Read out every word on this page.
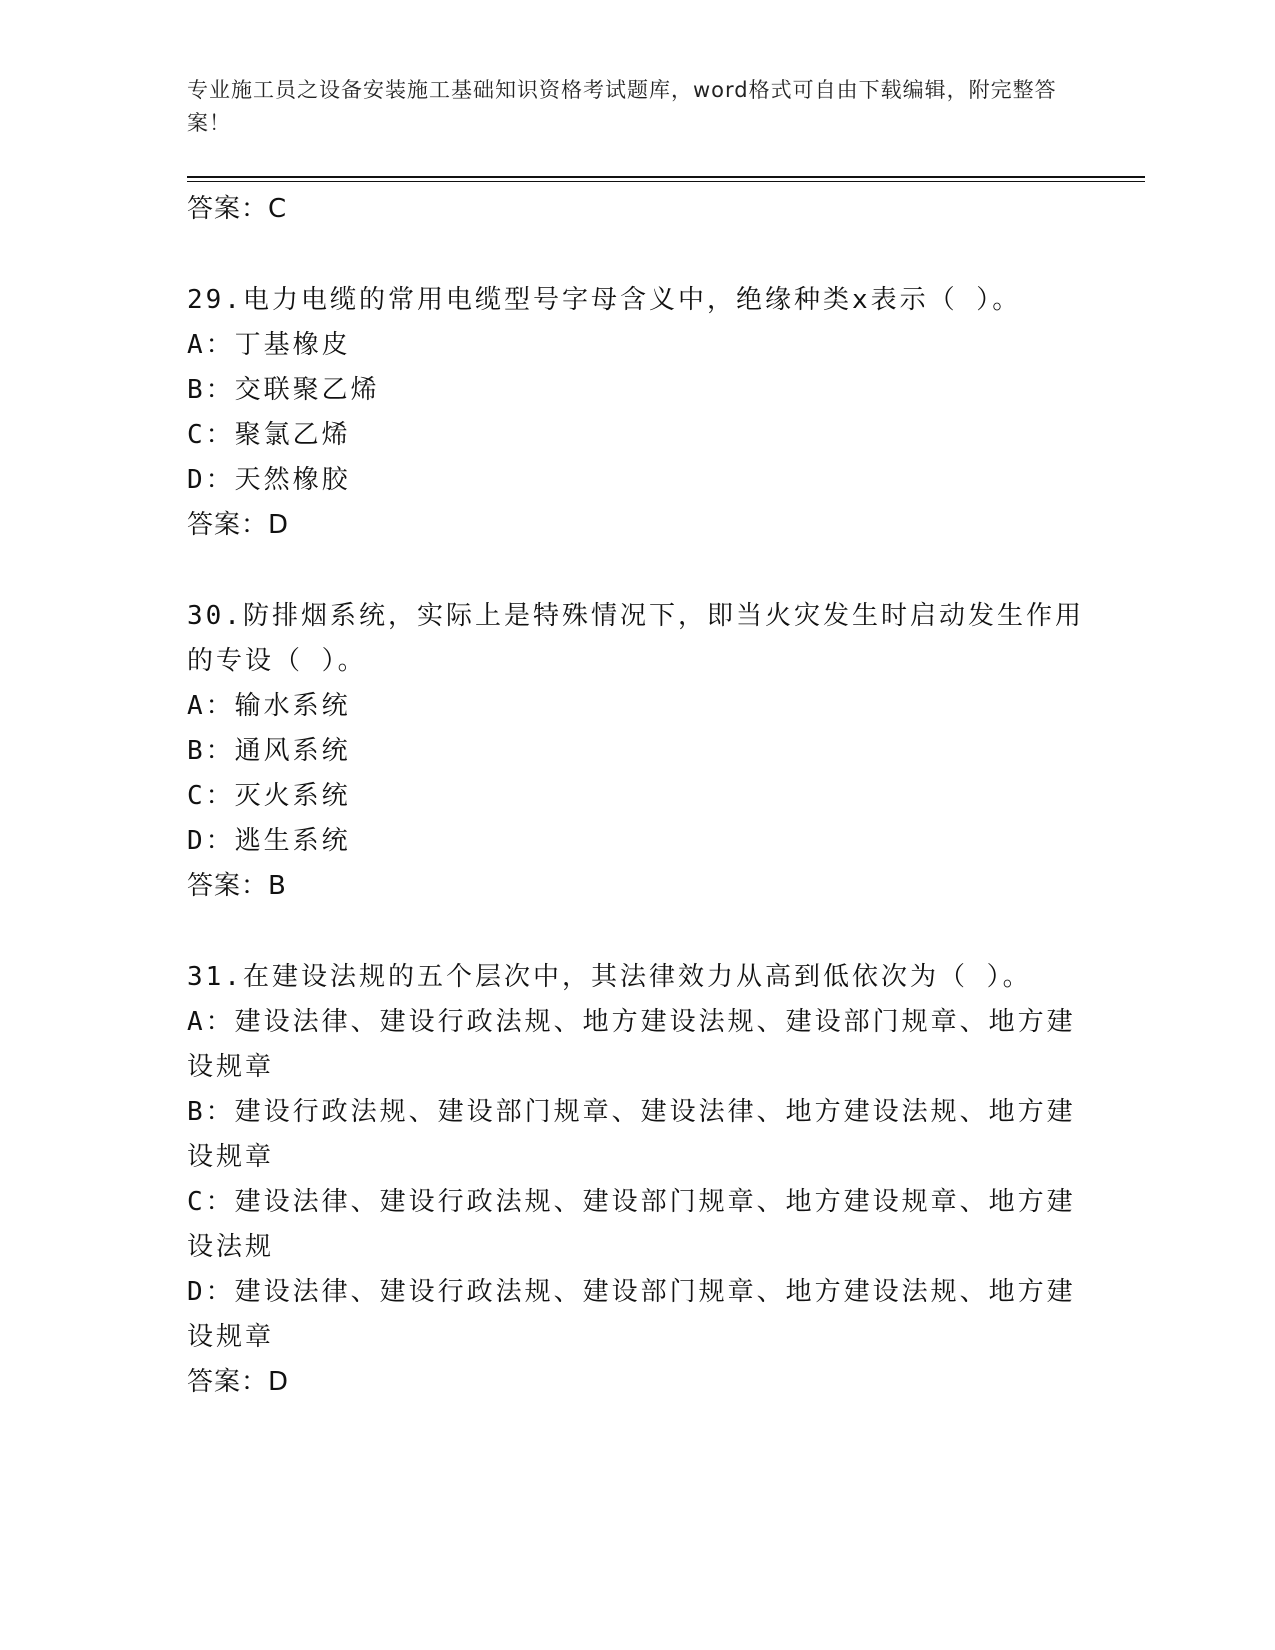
专业施工员之设备安装施工基础知识资格考试题库，word格式可自由下载编辑，附完整答案！
答案：C
29.电力电缆的常用电缆型号字母含义中，绝缘种类x表示（ ）。
A：丁基橡皮
B：交联聚乙烯
C：聚氯乙烯
D：天然橡胶
答案：D
30.防排烟系统，实际上是特殊情况下，即当火灾发生时启动发生作用
的专设（ ）。
A：输水系统
B：通风系统
C：灭火系统
D：逃生系统
答案：B
31.在建设法规的五个层次中，其法律效力从高到低依次为（ ）。
A：建设法律、建设行政法规、地方建设法规、建设部门规章、地方建
设规章
B：建设行政法规、建设部门规章、建设法律、地方建设法规、地方建
设规章
C：建设法律、建设行政法规、建设部门规章、地方建设规章、地方建
设法规
D：建设法律、建设行政法规、建设部门规章、地方建设法规、地方建
设规章
答案：D
